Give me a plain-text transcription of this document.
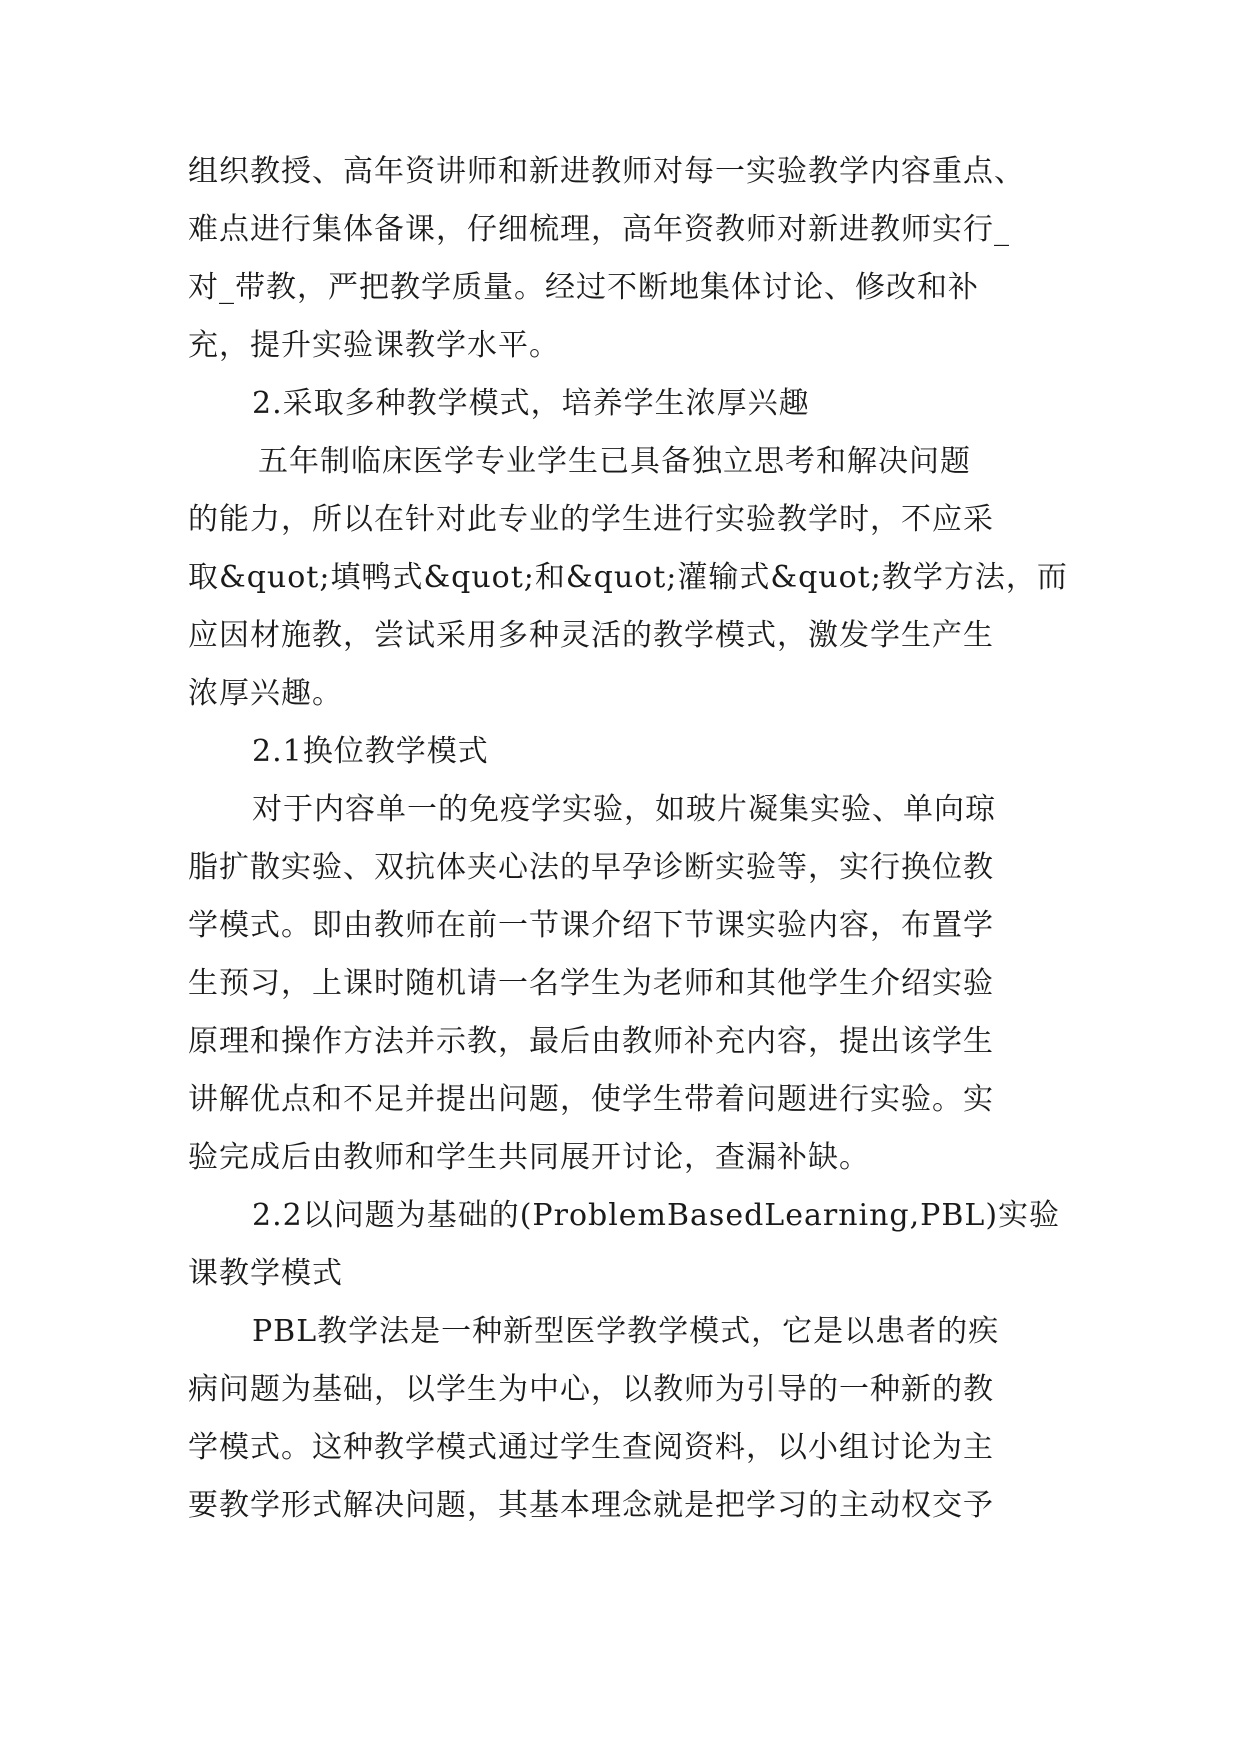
组织教授、高年资讲师和新进教师对每一实验教学内容重点、
难点进行集体备课，仔细梳理，高年资教师对新进教师实行_
对_带教，严把教学质量。经过不断地集体讨论、修改和补
充，提升实验课教学水平。
2.采取多种教学模式，培养学生浓厚兴趣
五年制临床医学专业学生已具备独立思考和解决问题
的能力，所以在针对此专业的学生进行实验教学时，不应采
取&quot;填鸭式&quot;和&quot;灌输式&quot;教学方法，而
应因材施教，尝试采用多种灵活的教学模式，激发学生产生
浓厚兴趣。
2.1换位教学模式
对于内容单一的免疫学实验，如玻片凝集实验、单向琼
脂扩散实验、双抗体夹心法的早孕诊断实验等，实行换位教
学模式。即由教师在前一节课介绍下节课实验内容，布置学
生预习，上课时随机请一名学生为老师和其他学生介绍实验
原理和操作方法并示教，最后由教师补充内容，提出该学生
讲解优点和不足并提出问题，使学生带着问题进行实验。实
验完成后由教师和学生共同展开讨论，查漏补缺。
2.2以问题为基础的(ProblemBasedLearning,PBL)实验
课教学模式
PBL教学法是一种新型医学教学模式，它是以患者的疾
病问题为基础，以学生为中心，以教师为引导的一种新的教
学模式。这种教学模式通过学生查阅资料，以小组讨论为主
要教学形式解决问题，其基本理念就是把学习的主动权交予
